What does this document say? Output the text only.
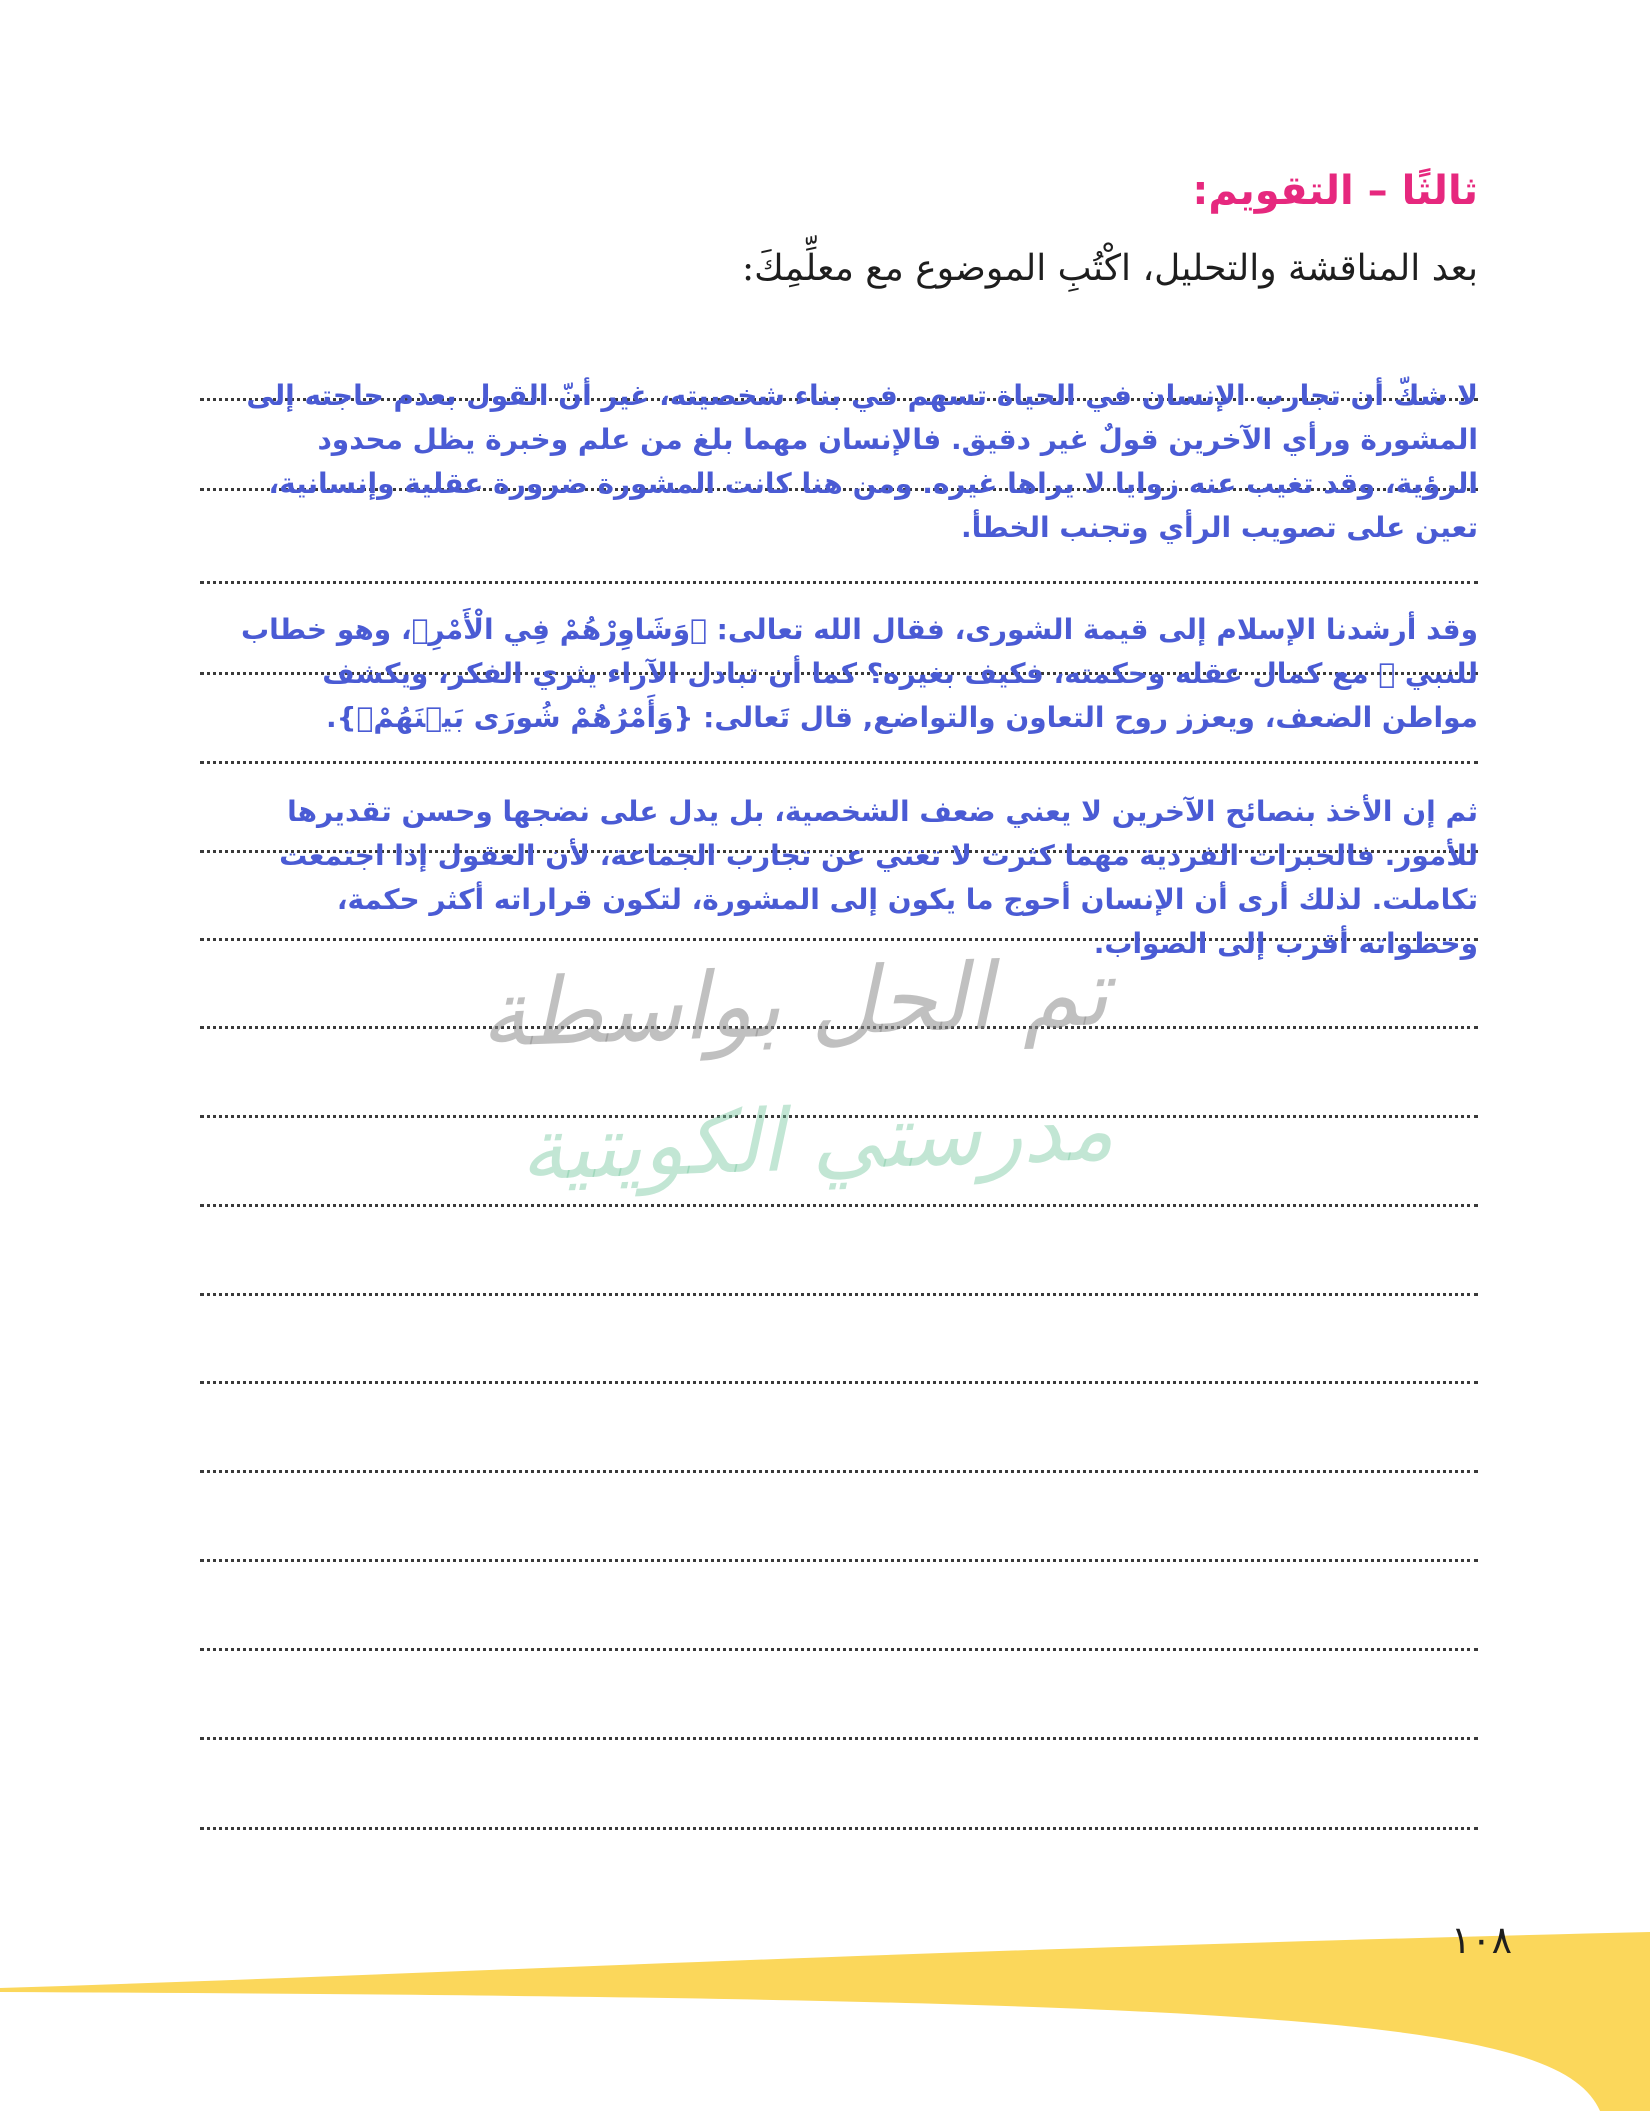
ثالثًا – التقويم:
بعد المناقشة والتحليل، اكْتُبِ الموضوع مع معلِّمِكَ:

لا شكّ أن تجارب الإنسان في الحياة تسهم في بناء شخصيته، غير أنّ القول بعدم حاجته إلى المشورة ورأي الآخرين قولٌ غير دقيق. فالإنسان مهما بلغ من علم وخبرة يظل محدود الرؤية، وقد تغيب عنه زوايا لا يراها غيره. ومن هنا كانت المشورة ضرورة عقلية وإنسانية، تعين على تصويب الرأي وتجنب الخطأ.

وقد أرشدنا الإسلام إلى قيمة الشورى، فقال الله تعالى: ﴿وَشَاوِرْهُمْ فِي الْأَمْرِ﴾، وهو خطاب للنبي ﷺ مع كمال عقله وحكمته، فكيف بغيره؟ كما أن تبادل الآراء يثري الفكر، ويكشف مواطن الضعف، ويعزز روح التعاون والتواضع, قال تَعالى: {وَأَمْرُهُمْ شُورَى بَيۡنَهُمْۡ}.

ثم إن الأخذ بنصائح الآخرين لا يعني ضعف الشخصية، بل يدل على نضجها وحسن تقديرها للأمور. فالخبرات الفردية مهما كثرت لا تغني عن تجارب الجماعة، لأن العقول إذا اجتمعت تكاملت. لذلك أرى أن الإنسان أحوج ما يكون إلى المشورة، لتكون قراراته أكثر حكمة، وخطواته أقرب إلى الصواب.

تم الحل بواسطة
مدرستي الكويتية
١٠٨
